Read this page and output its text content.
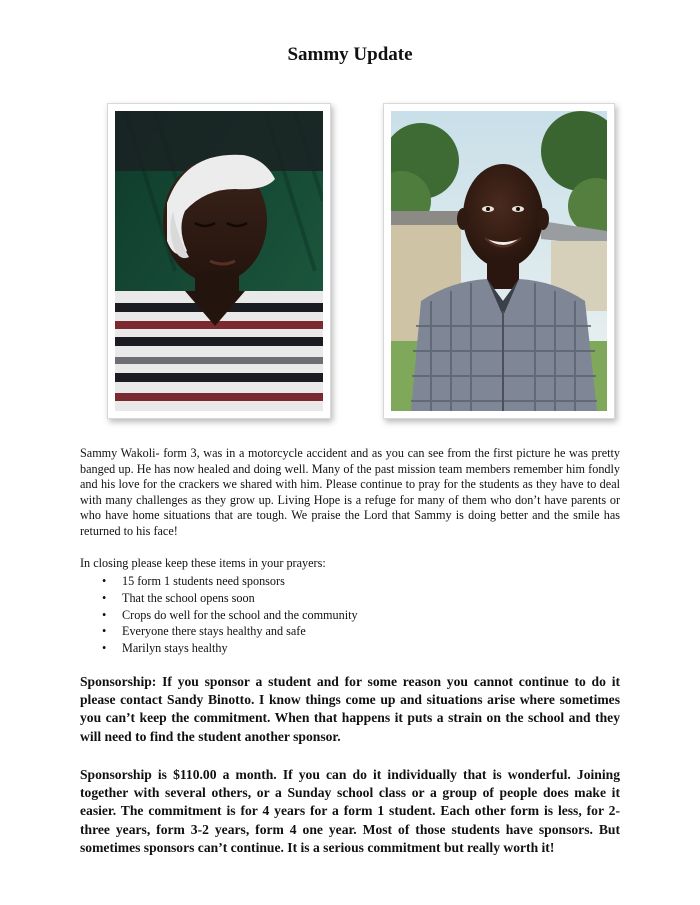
Sammy Update
Sammy Wakoli- form 3, was in a motorcycle accident and as you can see from the first picture he was pretty banged up. He has now healed and doing well. Many of the past mission team members remember him fondly and his love for the crackers we shared with him. Please continue to pray for the students as they have to deal with many challenges as they grow up. Living Hope is a refuge for many of them who don’t have parents or who have home situations that are tough. We praise the Lord that Sammy is doing better and the smile has returned to his face!
In closing please keep these items in your prayers:
• 15 form 1 students need sponsors
• That the school opens soon
• Crops do well for the school and the community
• Everyone there stays healthy and safe
• Marilyn stays healthy

Sponsorship: If you sponsor a student and for some reason you cannot continue to do it please contact Sandy Binotto. I know things come up and situations arise where sometimes you can’t keep the commitment. When that happens it puts a strain on the school and they will need to find the student another sponsor.

Sponsorship is $110.00 a month. If you can do it individually that is wonderful. Joining together with several others, or a Sunday school class or a group of people does make it easier. The commitment is for 4 years for a form 1 student. Each other form is less, for 2-three years, form 3-2 years, form 4 one year. Most of those students have sponsors. But sometimes sponsors can’t continue. It is a serious commitment but really worth it!
